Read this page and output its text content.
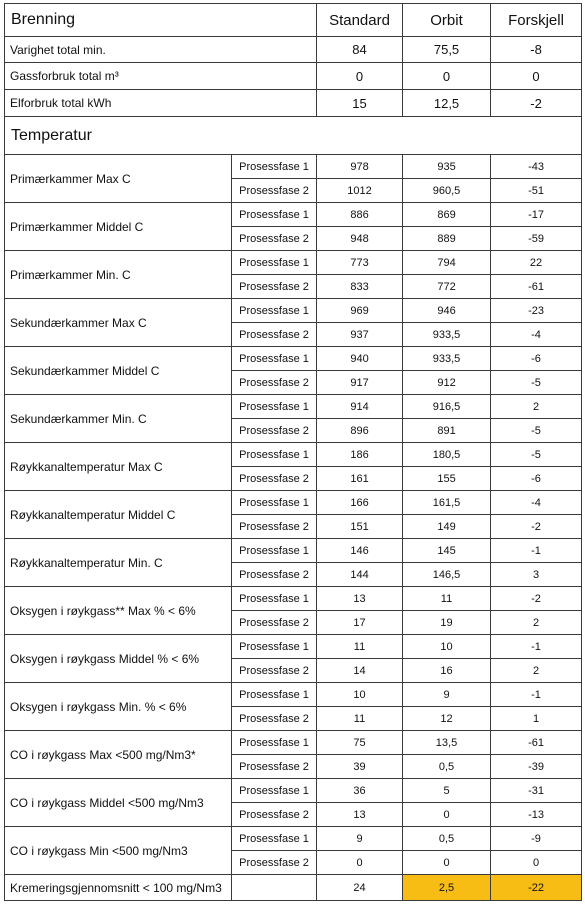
Brenning		Standard	Orbit	Forskjell
Varighet total min.		84	75,5	-8
Gassforbruk total m³		0	0	0
Elforbruk total kWh		15	12,5	-2
Temperatur				
Primærkammer Max C	Prosessfase 1	978	935	-43
	Prosessfase 2	1012	960,5	-51
Primærkammer Middel C	Prosessfase 1	886	869	-17
	Prosessfase 2	948	889	-59
Primærkammer Min. C	Prosessfase 1	773	794	22
	Prosessfase 2	833	772	-61
Sekundærkammer Max C	Prosessfase 1	969	946	-23
	Prosessfase 2	937	933,5	-4
Sekundærkammer Middel C	Prosessfase 1	940	933,5	-6
	Prosessfase 2	917	912	-5
Sekundærkammer Min. C	Prosessfase 1	914	916,5	2
	Prosessfase 2	896	891	-5
Røykkanaltemperatur Max C	Prosessfase 1	186	180,5	-5
	Prosessfase 2	161	155	-6
Røykkanaltemperatur Middel C	Prosessfase 1	166	161,5	-4
	Prosessfase 2	151	149	-2
Røykkanaltemperatur Min. C	Prosessfase 1	146	145	-1
	Prosessfase 2	144	146,5	3
Oksygen i røykgass** Max % < 6%	Prosessfase 1	13	11	-2
	Prosessfase 2	17	19	2
Oksygen i røykgass Middel % < 6%	Prosessfase 1	11	10	-1
	Prosessfase 2	14	16	2
Oksygen i røykgass Min. % < 6%	Prosessfase 1	10	9	-1
	Prosessfase 2	11	12	1
CO i røykgass Max <500 mg/Nm3*	Prosessfase 1	75	13,5	-61
	Prosessfase 2	39	0,5	-39
CO i røykgass Middel <500 mg/Nm3	Prosessfase 1	36	5	-31
	Prosessfase 2	13	0	-13
CO i røykgass Min <500 mg/Nm3	Prosessfase 1	9	0,5	-9
	Prosessfase 2	0	0	0
Kremeringsgjennomsnitt < 100 mg/Nm3		24	2,5	-22
